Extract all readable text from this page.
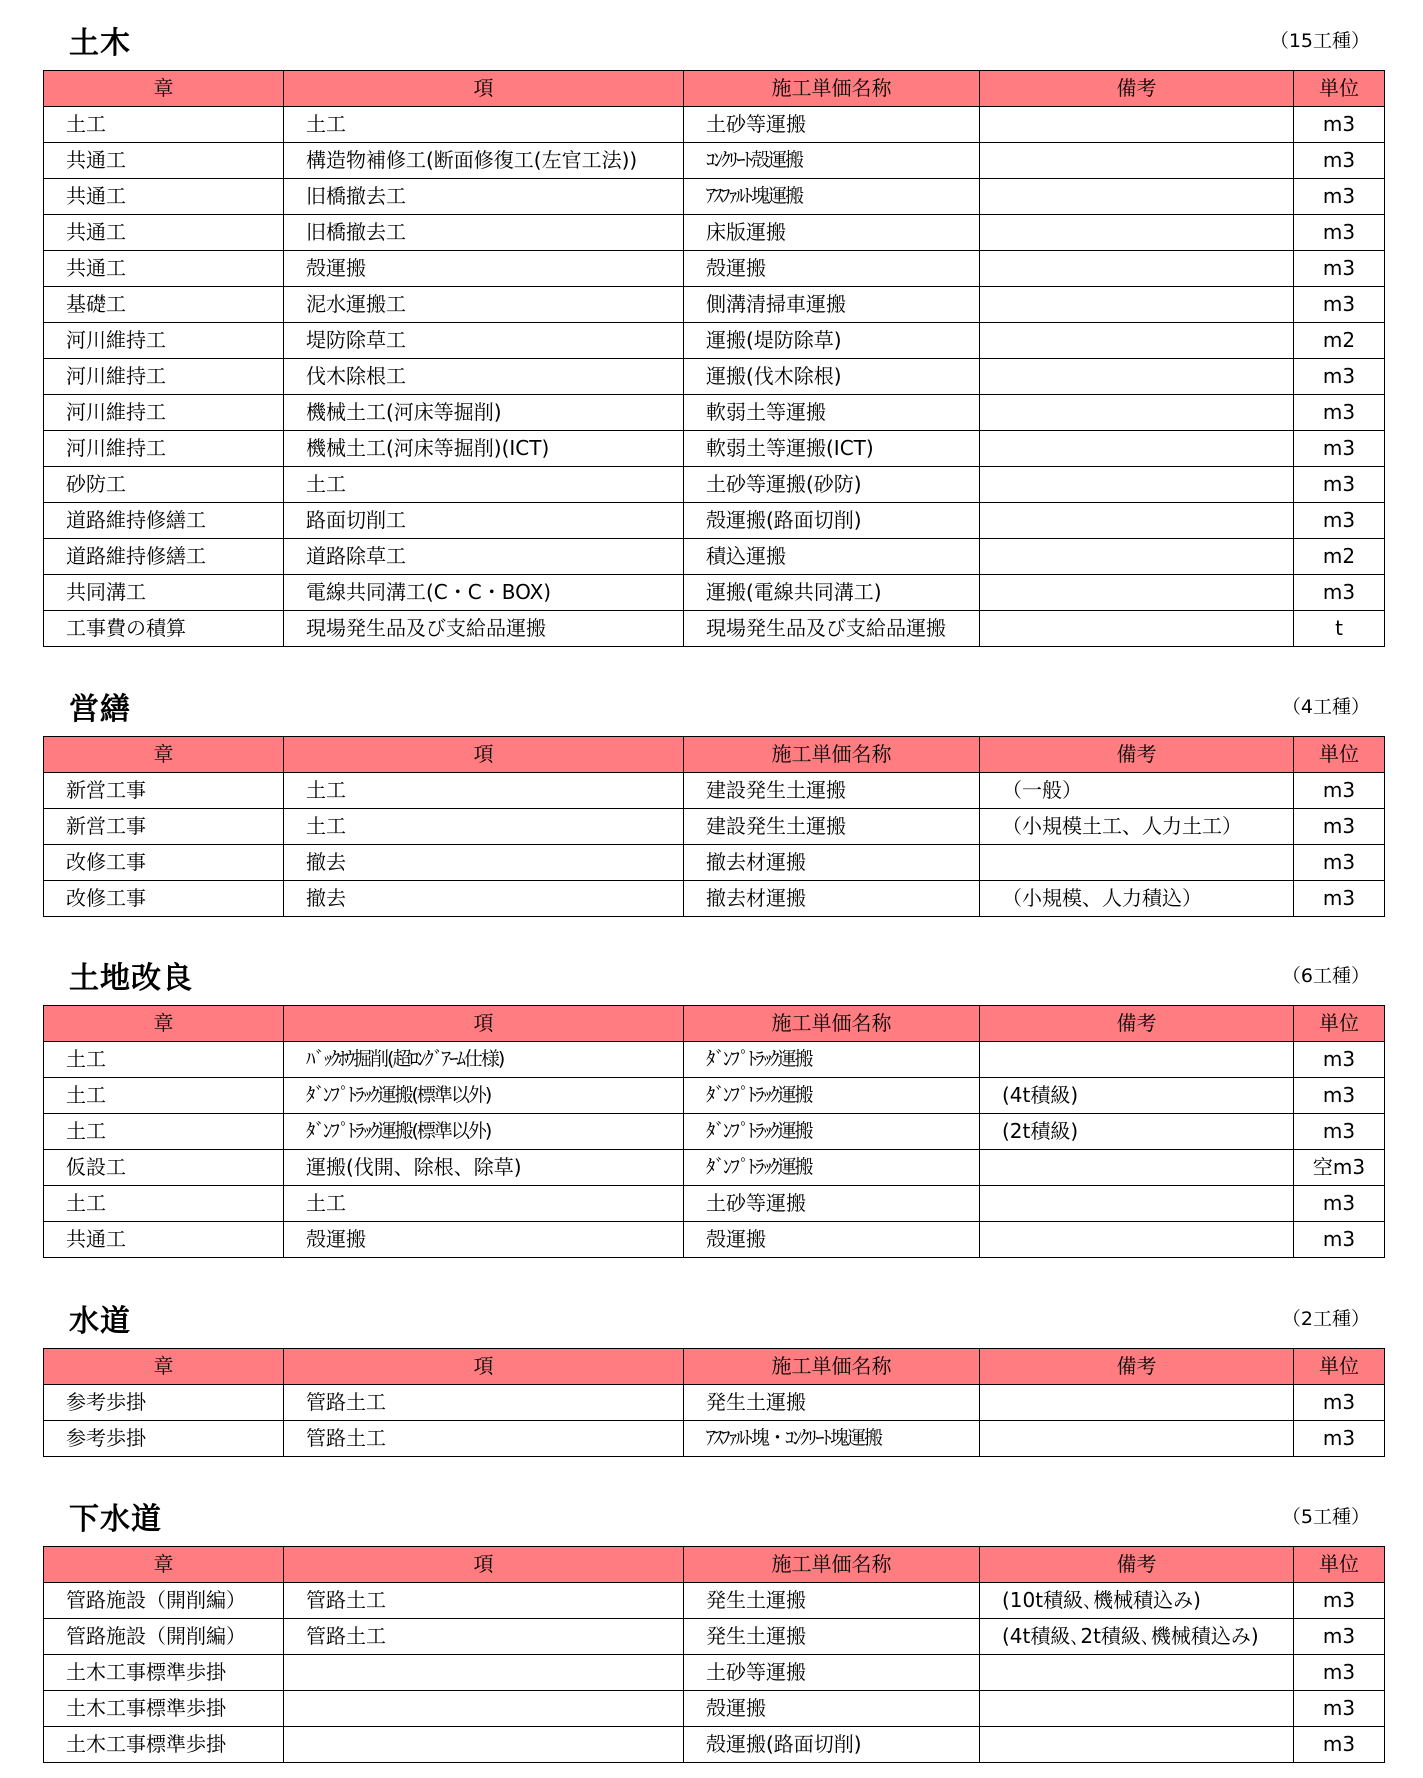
土木	（15工種）
章	項	施工単価名称	備考	単位
土工	土工	土砂等運搬		m3
共通工	構造物補修工(断面修復工(左官工法))	ｺﾝｸﾘｰﾄ殻運搬		m3
共通工	旧橋撤去工	ｱｽﾌｧﾙﾄ塊運搬		m3
共通工	旧橋撤去工	床版運搬		m3
共通工	殻運搬	殻運搬		m3
基礎工	泥水運搬工	側溝清掃車運搬		m3
河川維持工	堤防除草工	運搬(堤防除草)		m2
河川維持工	伐木除根工	運搬(伐木除根)		m3
河川維持工	機械土工(河床等掘削)	軟弱土等運搬		m3
河川維持工	機械土工(河床等掘削)(ICT)	軟弱土等運搬(ICT)		m3
砂防工	土工	土砂等運搬(砂防)		m3
道路維持修繕工	路面切削工	殻運搬(路面切削)		m3
道路維持修繕工	道路除草工	積込運搬		m2
共同溝工	電線共同溝工(C・C・BOX)	運搬(電線共同溝工)		m3
工事費の積算	現場発生品及び支給品運搬	現場発生品及び支給品運搬		t
営繕	（4工種）
章	項	施工単価名称	備考	単位
新営工事	土工	建設発生土運搬	（一般）	m3
新営工事	土工	建設発生土運搬	（小規模土工、人力土工）	m3
改修工事	撤去	撤去材運搬		m3
改修工事	撤去	撤去材運搬	（小規模、人力積込）	m3
土地改良	（6工種）
章	項	施工単価名称	備考	単位
土工	ﾊﾞｯｸﾎｳ掘削(超ﾛﾝｸﾞｱｰﾑ仕様)	ﾀﾞﾝﾌﾟﾄﾗｯｸ運搬		m3
土工	ﾀﾞﾝﾌﾟﾄﾗｯｸ運搬(標準以外)	ﾀﾞﾝﾌﾟﾄﾗｯｸ運搬	(4t積級)	m3
土工	ﾀﾞﾝﾌﾟﾄﾗｯｸ運搬(標準以外)	ﾀﾞﾝﾌﾟﾄﾗｯｸ運搬	(2t積級)	m3
仮設工	運搬(伐開、除根、除草)	ﾀﾞﾝﾌﾟﾄﾗｯｸ運搬		空m3
土工	土工	土砂等運搬		m3
共通工	殻運搬	殻運搬		m3
水道	（2工種）
章	項	施工単価名称	備考	単位
参考歩掛	管路土工	発生土運搬		m3
参考歩掛	管路土工	ｱｽﾌｧﾙﾄ塊・ｺﾝｸﾘｰﾄ塊運搬		m3
下水道	（5工種）
章	項	施工単価名称	備考	単位
管路施設（開削編）	管路土工	発生土運搬	(10t積級､機械積込み)	m3
管路施設（開削編）	管路土工	発生土運搬	(4t積級､2t積級､機械積込み)	m3
土木工事標準歩掛		土砂等運搬		m3
土木工事標準歩掛		殻運搬		m3
土木工事標準歩掛		殻運搬(路面切削)		m3
